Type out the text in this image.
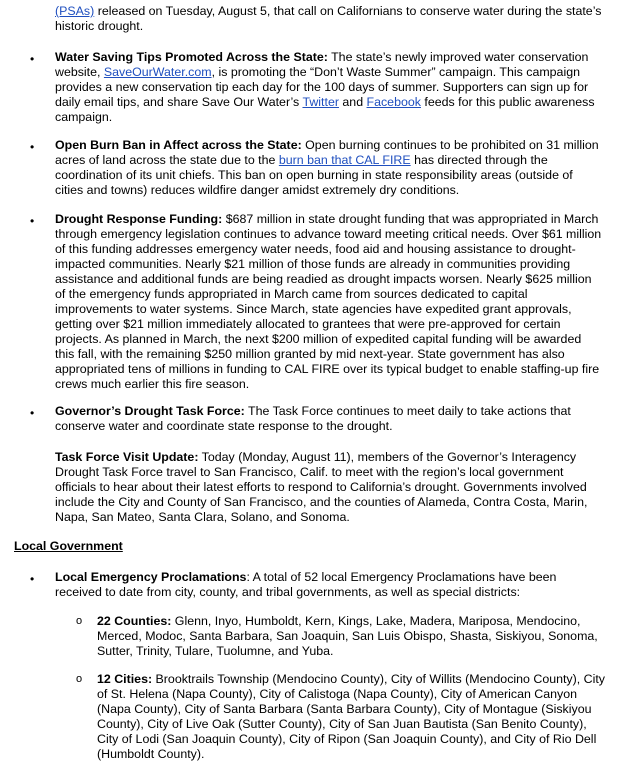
(PSAs) released on Tuesday, August 5, that call on Californians to conserve water during the state’s historic drought.

• Water Saving Tips Promoted Across the State: The state’s newly improved water conservation website, SaveOurWater.com, is promoting the “Don’t Waste Summer” campaign. This campaign provides a new conservation tip each day for the 100 days of summer. Supporters can sign up for daily email tips, and share Save Our Water’s Twitter and Facebook feeds for this public awareness campaign.

• Open Burn Ban in Affect across the State: Open burning continues to be prohibited on 31 million acres of land across the state due to the burn ban that CAL FIRE has directed through the coordination of its unit chiefs. This ban on open burning in state responsibility areas (outside of cities and towns) reduces wildfire danger amidst extremely dry conditions.

• Drought Response Funding: $687 million in state drought funding that was appropriated in March through emergency legislation continues to advance toward meeting critical needs. Over $61 million of this funding addresses emergency water needs, food aid and housing assistance to drought-impacted communities. Nearly $21 million of those funds are already in communities providing assistance and additional funds are being readied as drought impacts worsen. Nearly $625 million of the emergency funds appropriated in March came from sources dedicated to capital improvements to water systems. Since March, state agencies have expedited grant approvals, getting over $21 million immediately allocated to grantees that were pre-approved for certain projects. As planned in March, the next $200 million of expedited capital funding will be awarded this fall, with the remaining $250 million granted by mid next-year. State government has also appropriated tens of millions in funding to CAL FIRE over its typical budget to enable staffing-up fire crews much earlier this fire season.

• Governor’s Drought Task Force: The Task Force continues to meet daily to take actions that conserve water and coordinate state response to the drought.

Task Force Visit Update: Today (Monday, August 11), members of the Governor’s Interagency Drought Task Force travel to San Francisco, Calif. to meet with the region’s local government officials to hear about their latest efforts to respond to California’s drought. Governments involved include the City and County of San Francisco, and the counties of Alameda, Contra Costa, Marin, Napa, San Mateo, Santa Clara, Solano, and Sonoma.

Local Government
• Local Emergency Proclamations: A total of 52 local Emergency Proclamations have been received to date from city, county, and tribal governments, as well as special districts:

o 22 Counties: Glenn, Inyo, Humboldt, Kern, Kings, Lake, Madera, Mariposa, Mendocino, Merced, Modoc, Santa Barbara, San Joaquin, San Luis Obispo, Shasta, Siskiyou, Sonoma, Sutter, Trinity, Tulare, Tuolumne, and Yuba.

o 12 Cities: Brooktrails Township (Mendocino County), City of Willits (Mendocino County), City of St. Helena (Napa County), City of Calistoga (Napa County), City of American Canyon (Napa County), City of Santa Barbara (Santa Barbara County), City of Montague (Siskiyou County), City of Live Oak (Sutter County), City of San Juan Bautista (San Benito County), City of Lodi (San Joaquin County), City of Ripon (San Joaquin County), and City of Rio Dell (Humboldt County).
